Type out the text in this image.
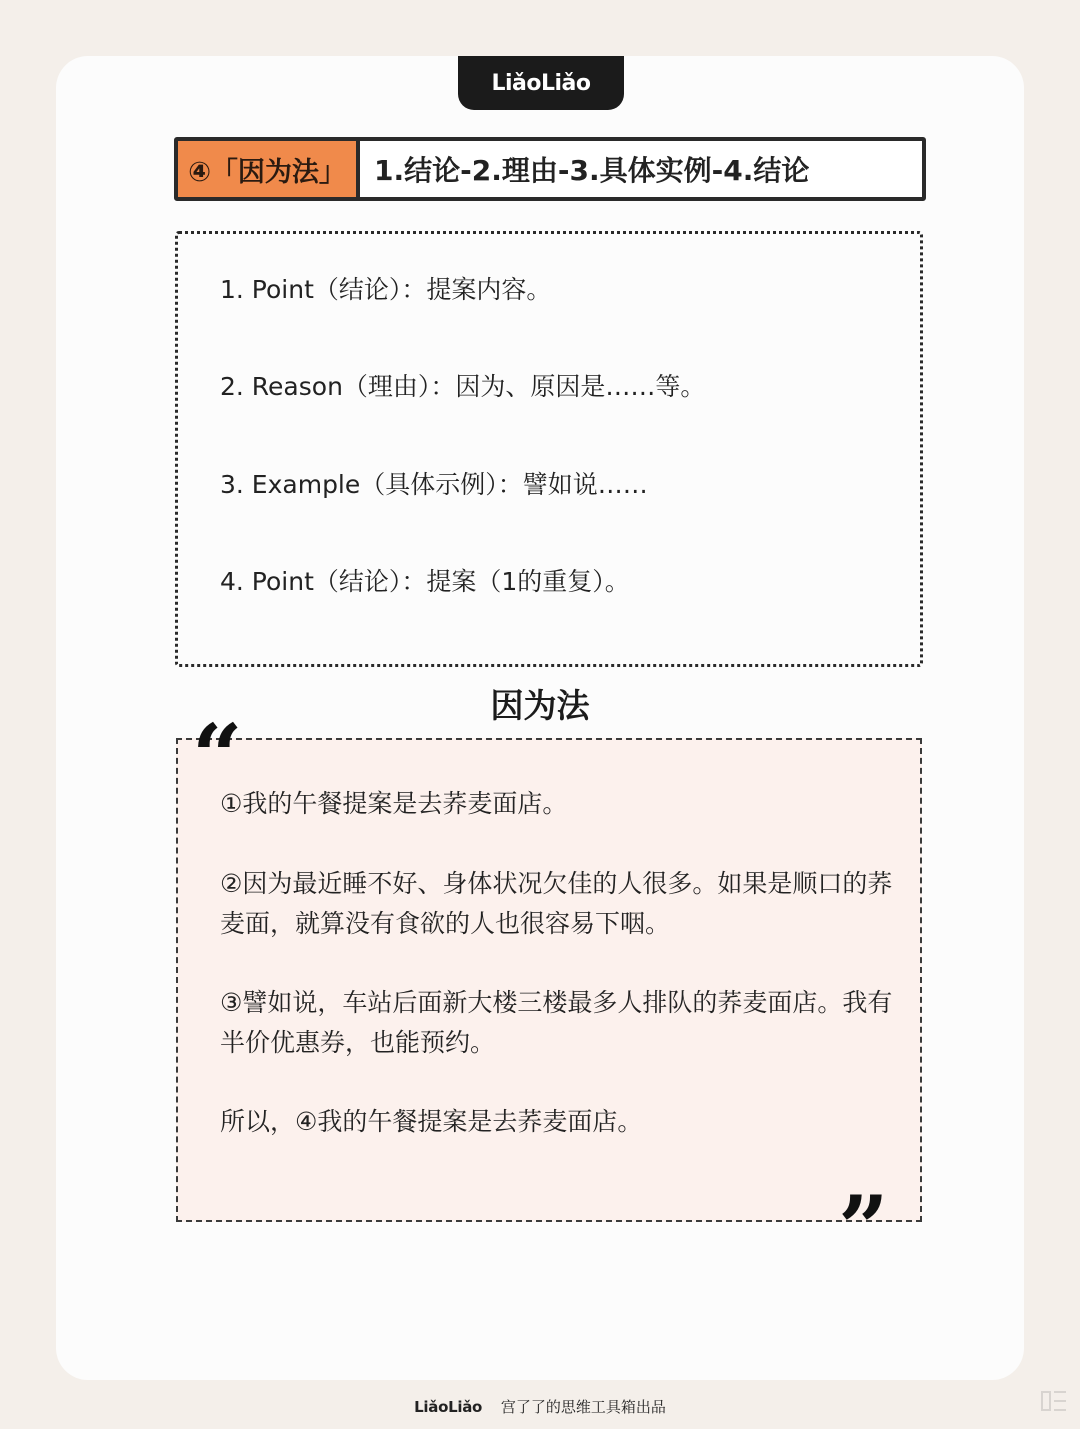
LiǎoLiǎo
④「因为法」	1.结论-2.理由-3.具体实例-4.结论
1. Point（结论）：提案内容。
2. Reason（理由）：因为、原因是……等。
3. Example（具体示例）：譬如说……
4. Point（结论）：提案（1的重复）。
因为法
①我的午餐提案是去荞麦面店。
②因为最近睡不好、身体状况欠佳的人很多。如果是顺口的荞麦面，就算没有食欲的人也很容易下咽。
③譬如说，车站后面新大楼三楼最多人排队的荞麦面店。我有半价优惠券，也能预约。
所以，④我的午餐提案是去荞麦面店。
“
”
LiǎoLiǎo 宫了了的思维工具箱出品
